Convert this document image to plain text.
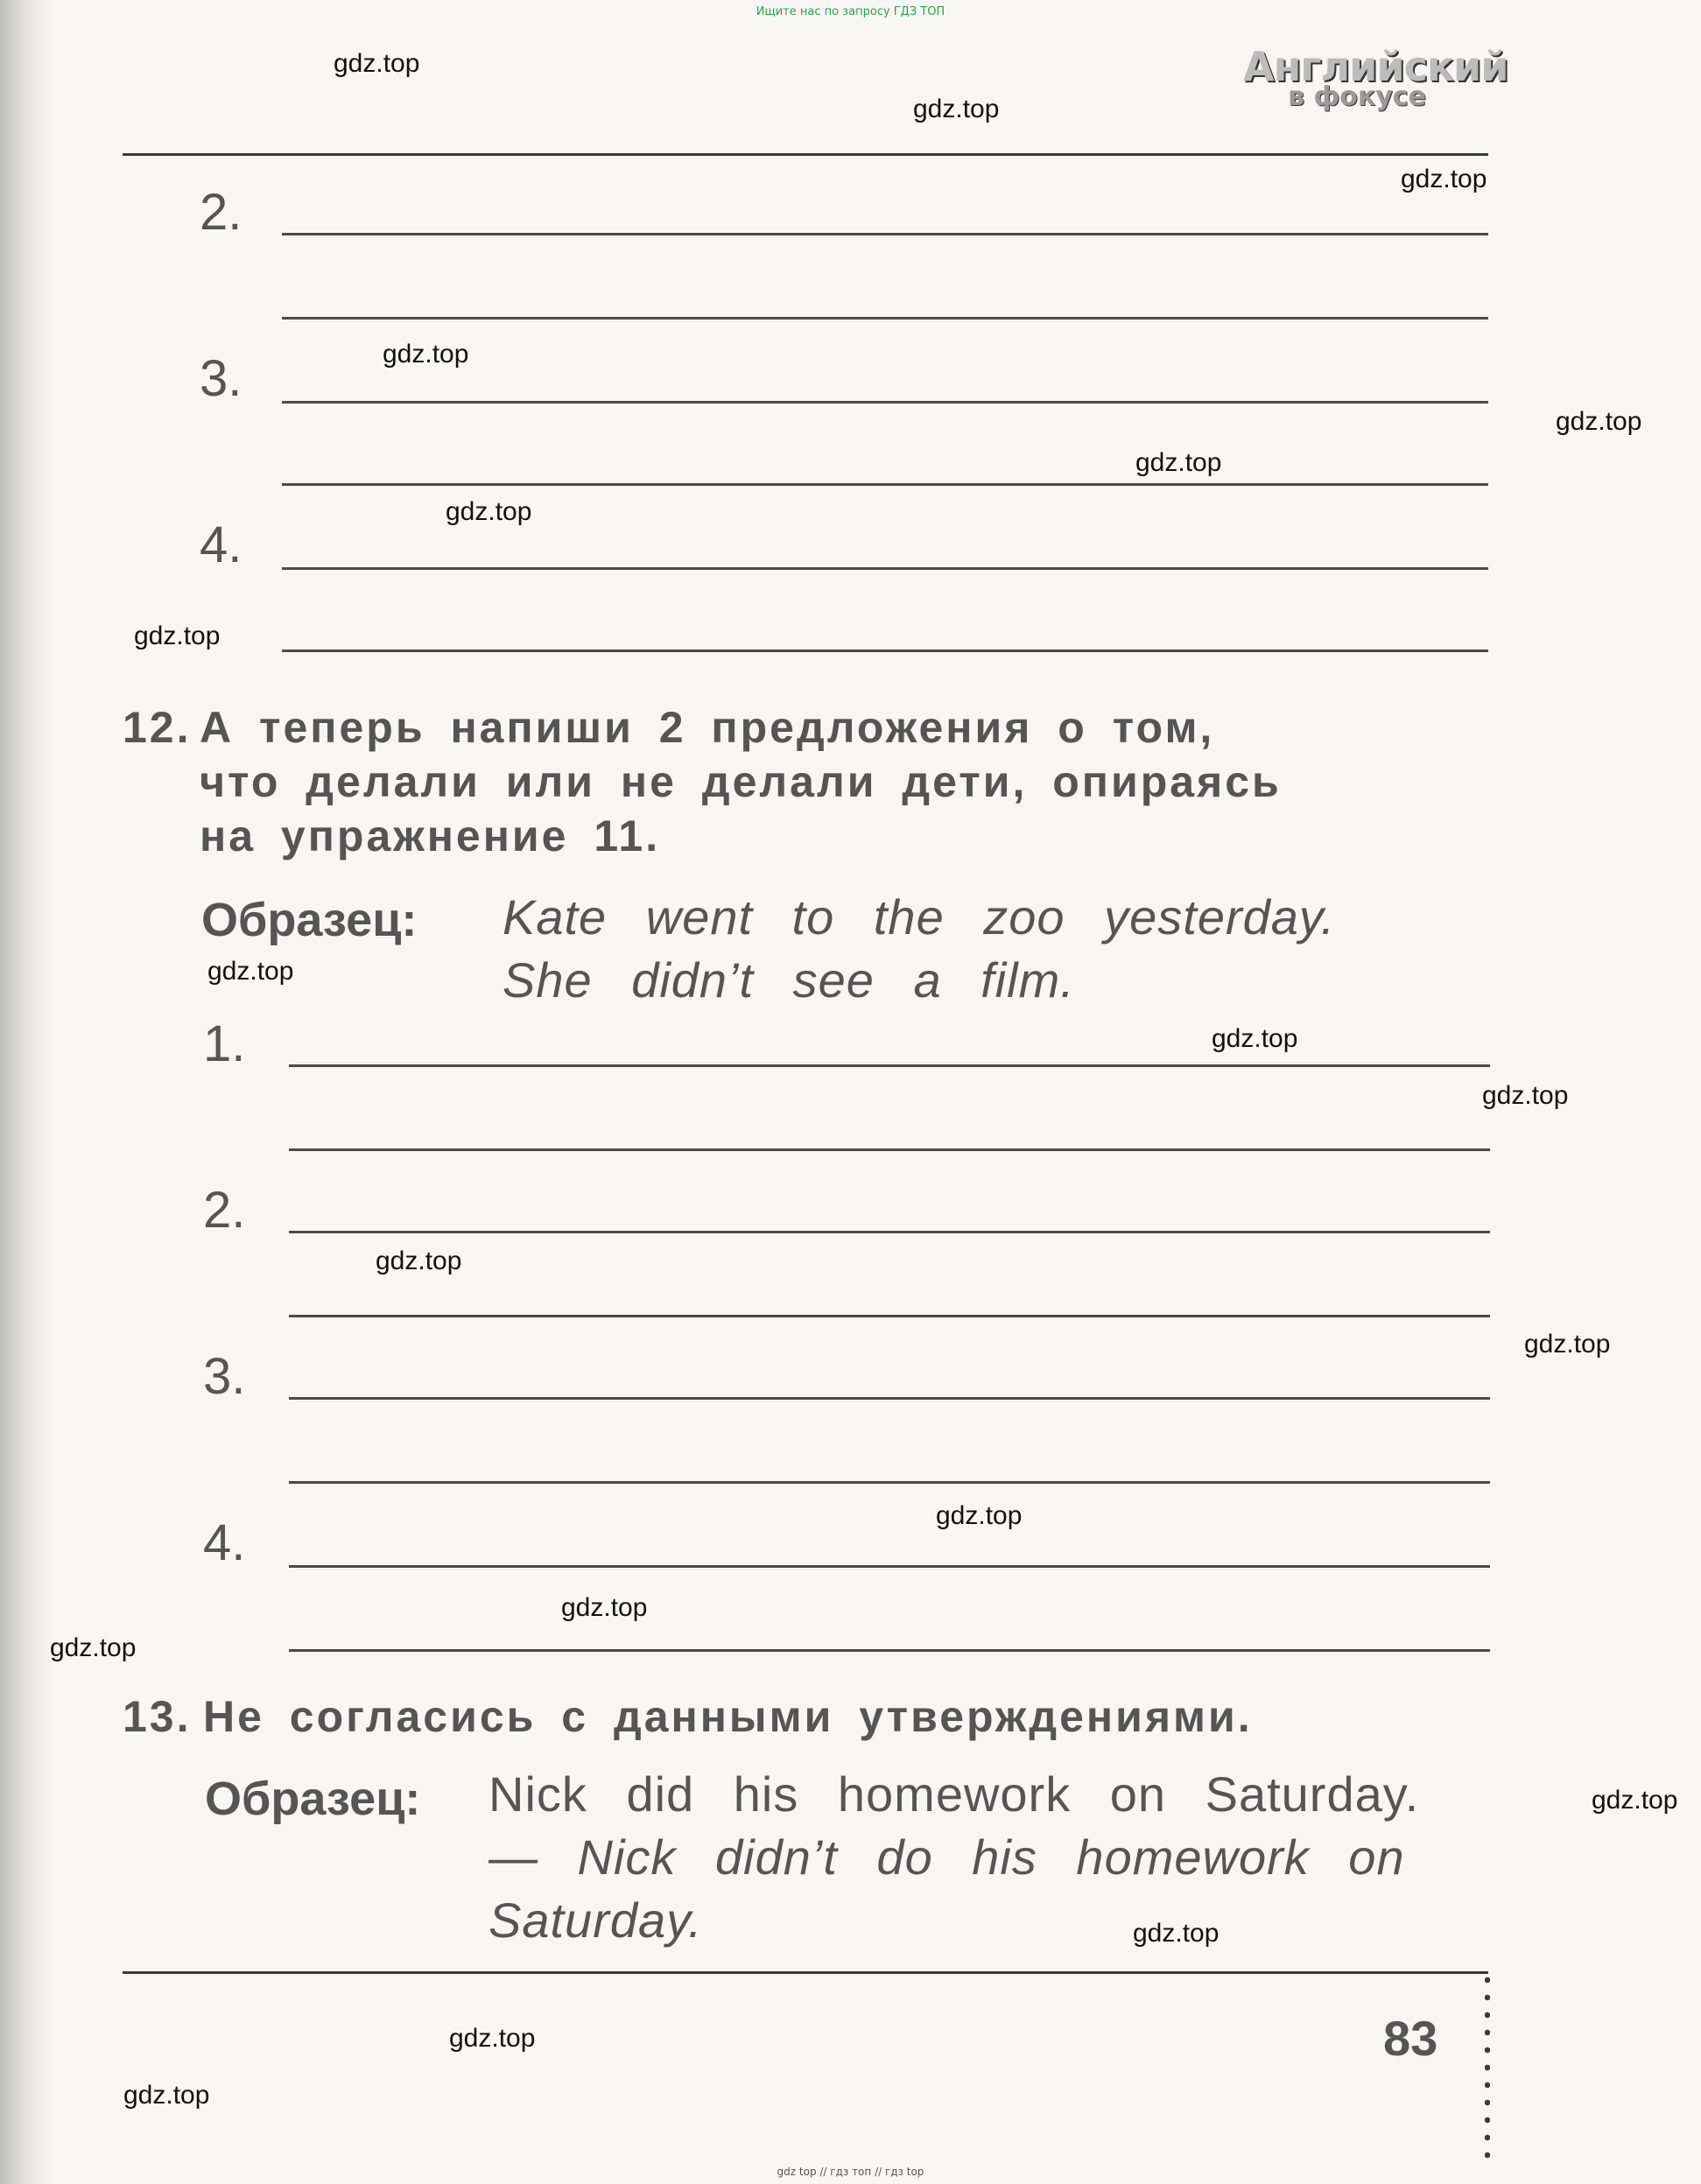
Ищите нас по запросу ГДЗ ТОП
Английский
в фокусе
2.
3.
4.
12. А теперь напиши 2 предложения о том,
что делали или не делали дети, опираясь
на упражнение 11.
Образец: Kate went to the zoo yesterday.
She didn’t see a film.
1.
2.
3.
4.
13. Не согласись с данными утверждениями.
Образец: Nick did his homework on Saturday.
— Nick didn’t do his homework on
Saturday.
83
gdz.top
gdz.top
gdz.top
gdz.top
gdz.top
gdz.top
gdz.top
gdz.top
gdz.top
gdz.top
gdz.top
gdz.top
gdz.top
gdz.top
gdz.top
gdz.top
gdz.top
gdz.top
gdz.top
gdz.top
gdz top // гдз топ // гдз top
